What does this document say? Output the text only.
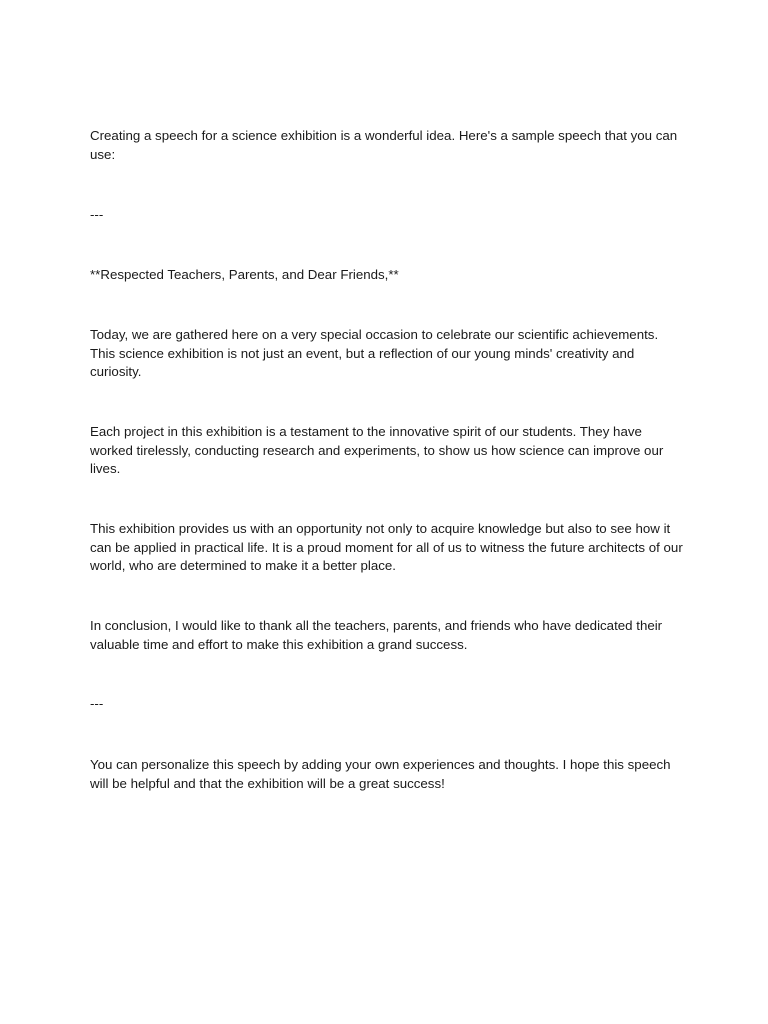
Creating a speech for a science exhibition is a wonderful idea. Here's a sample speech that you can use:

---

**Respected Teachers, Parents, and Dear Friends,**

Today, we are gathered here on a very special occasion to celebrate our scientific achievements. This science exhibition is not just an event, but a reflection of our young minds' creativity and curiosity.

Each project in this exhibition is a testament to the innovative spirit of our students. They have worked tirelessly, conducting research and experiments, to show us how science can improve our lives.

This exhibition provides us with an opportunity not only to acquire knowledge but also to see how it can be applied in practical life. It is a proud moment for all of us to witness the future architects of our world, who are determined to make it a better place.

In conclusion, I would like to thank all the teachers, parents, and friends who have dedicated their valuable time and effort to make this exhibition a grand success.

---

You can personalize this speech by adding your own experiences and thoughts. I hope this speech will be helpful and that the exhibition will be a great success!
